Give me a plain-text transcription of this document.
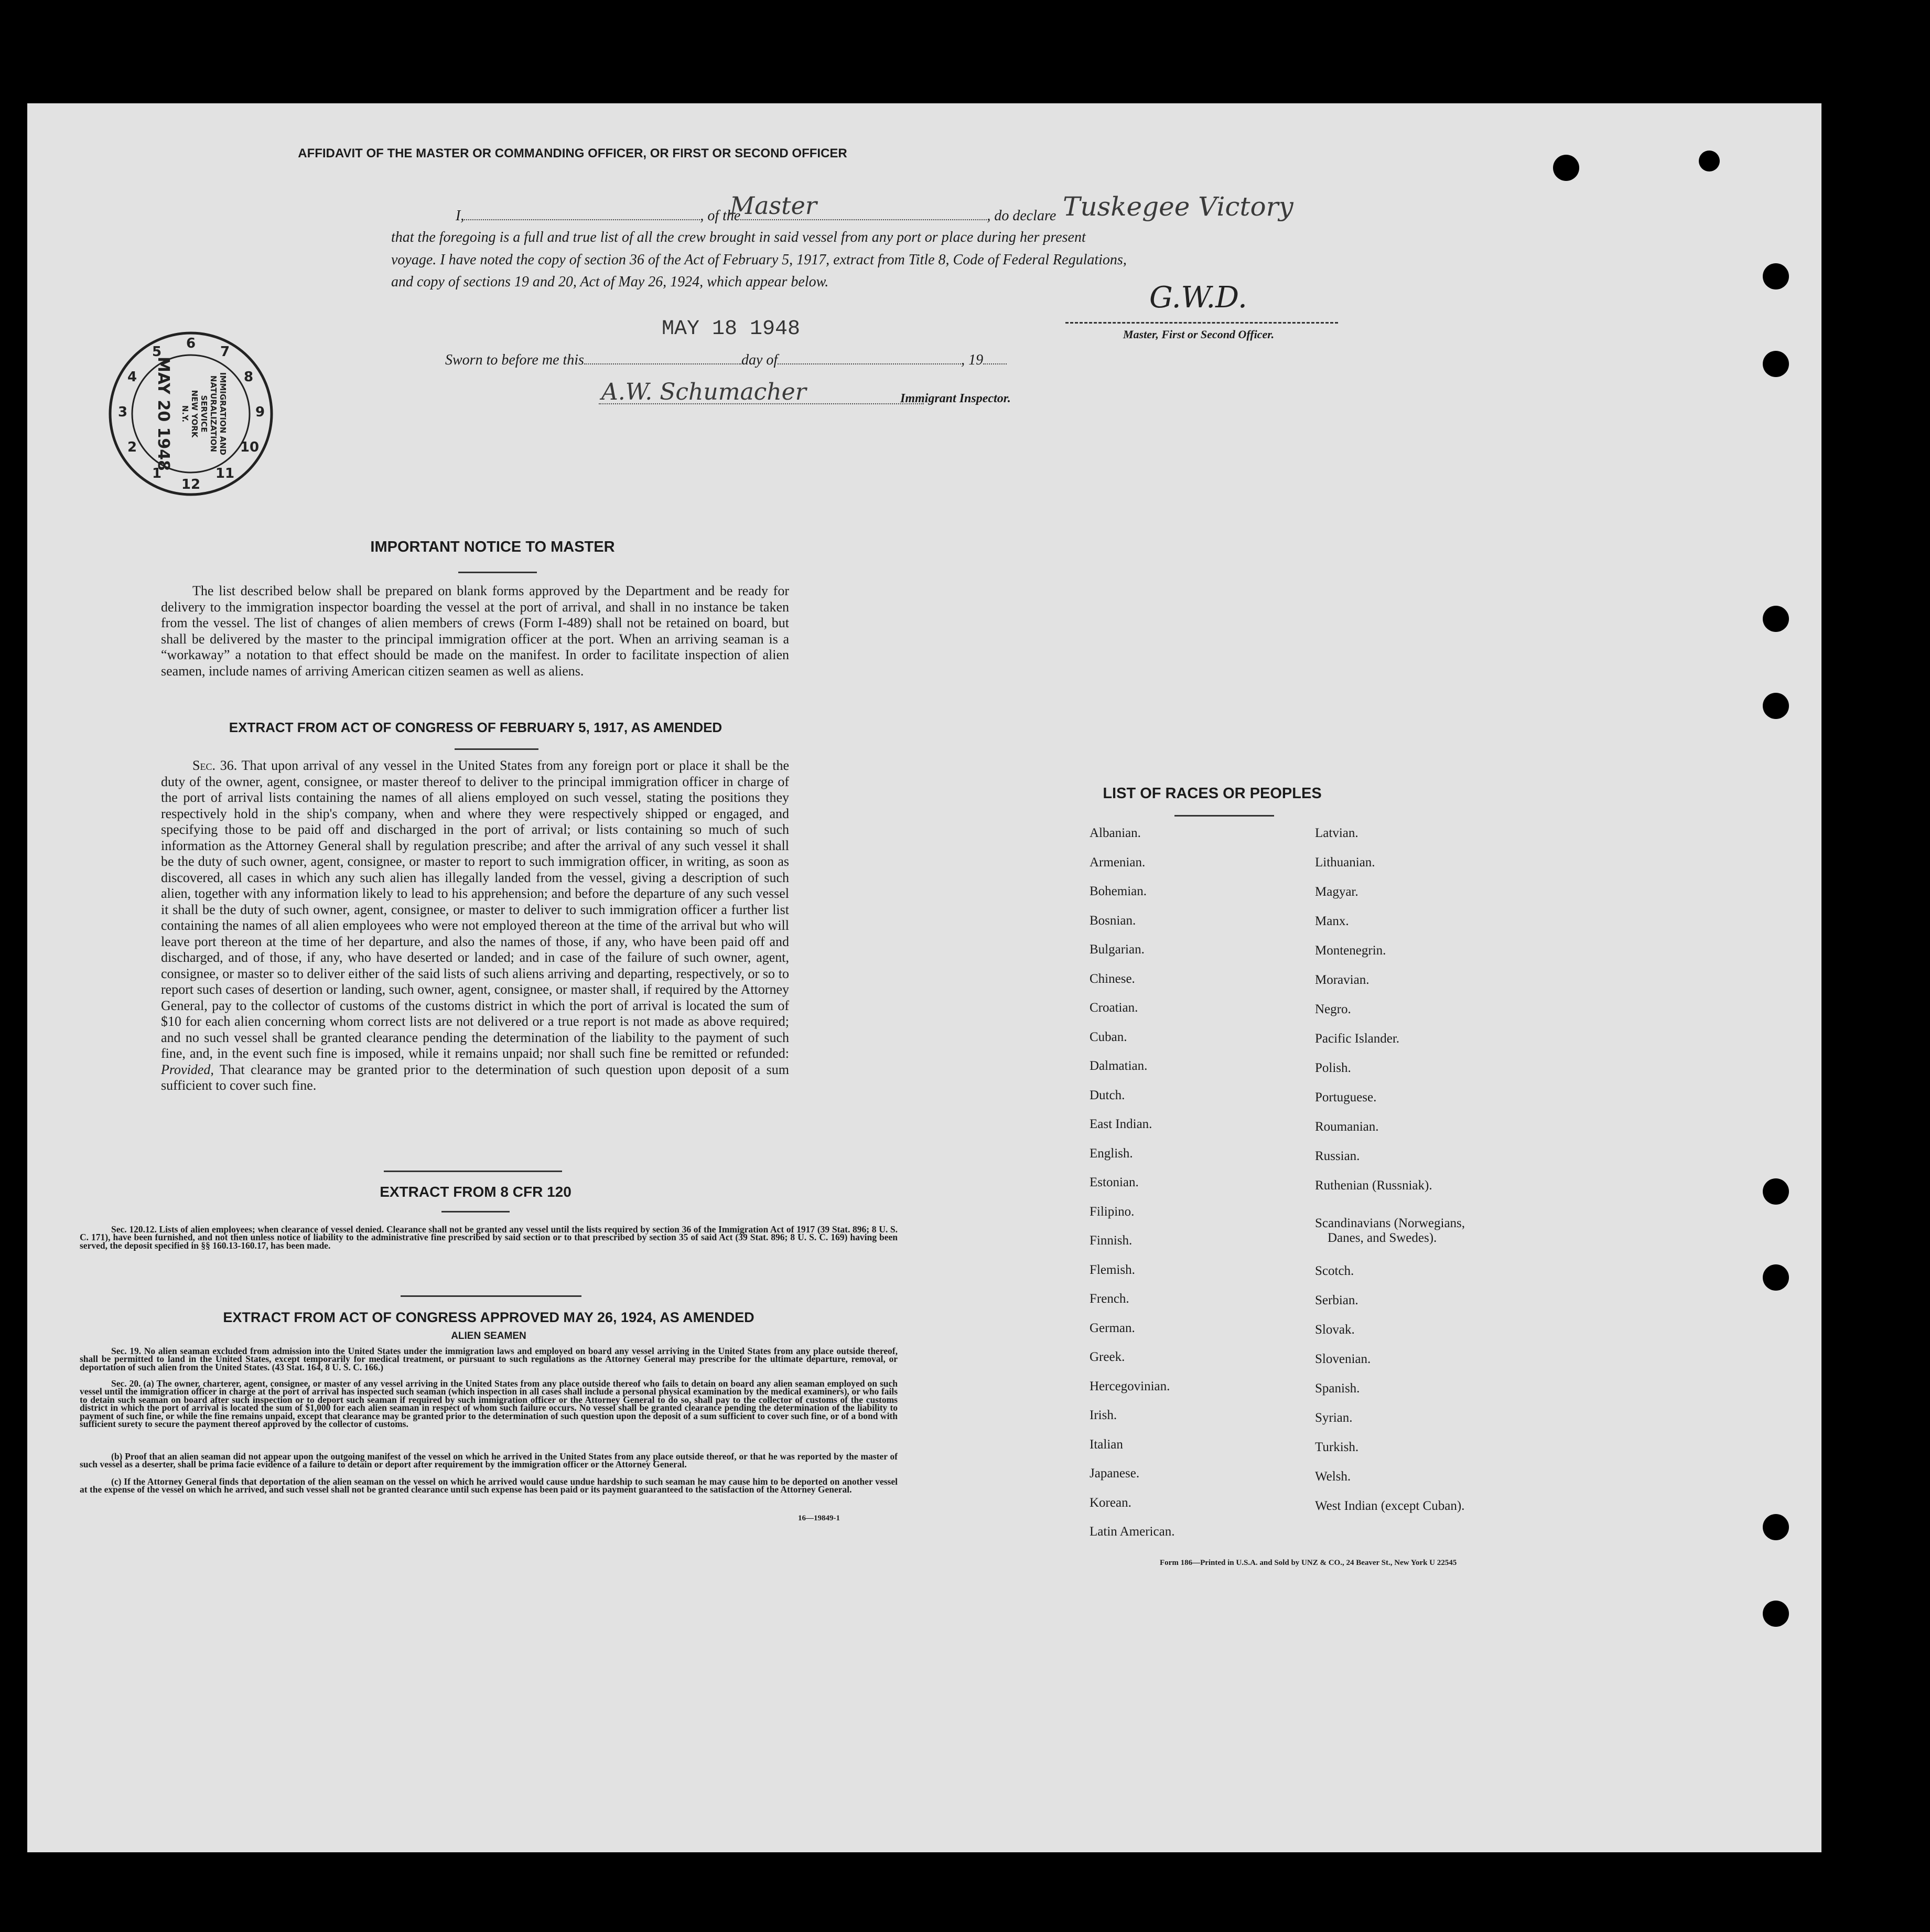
AFFIDAVIT OF THE MASTER OR COMMANDING OFFICER, OR FIRST OR SECOND OFFICER
I,	, of the	, do declare
Master	Tuskegee Victory
that the foregoing is a full and true list of all the crew brought in said vessel from any port or place during her present
voyage. I have noted the copy of section 36 of the Act of February 5, 1917, extract from Title 8, Code of Federal Regulations,
and copy of sections 19 and 20, Act of May 26, 1924, which appear below.	G.W.D.
Master, First or Second Officer.
MAY 18 1948
Sworn to before me this	day of	, 19
A.W. Schumacher	Immigrant Inspector.
6
7
8
9
10
11
12
1
2
3
4
5
IMMIGRATION AND
NATURALIZATION
SERVICE
NEW YORK
N.Y.
MAY 20 1948
IMPORTANT NOTICE TO MASTER
The list described below shall be prepared on blank forms approved by the Department and be ready for delivery to the immigration inspector boarding the vessel at the port of arrival, and shall in no instance be taken from the vessel. The list of changes of alien members of crews (Form I-489) shall not be retained on board, but shall be delivered by the master to the principal immigration officer at the port. When an arriving seaman is a “workaway” a notation to that effect should be made on the manifest. In order to facilitate inspection of alien seamen, include names of arriving American citizen seamen as well as aliens.
EXTRACT FROM ACT OF CONGRESS OF FEBRUARY 5, 1917, AS AMENDED
Sec. 36. That upon arrival of any vessel in the United States from any foreign port or place it shall be the duty of the owner, agent, consignee, or master thereof to deliver to the principal immigration officer in charge of the port of arrival lists containing the names of all aliens employed on such vessel, stating the positions they respectively hold in the ship's company, when and where they were respectively shipped or engaged, and specifying those to be paid off and discharged in the port of arrival; or lists containing so much of such information as the Attorney General shall by regulation prescribe; and after the arrival of any such vessel it shall be the duty of such owner, agent, consignee, or master to report to such immigration officer, in writing, as soon as discovered, all cases in which any such alien has illegally landed from the vessel, giving a description of such alien, together with any information likely to lead to his apprehension; and before the departure of any such vessel it shall be the duty of such owner, agent, consignee, or master to deliver to such immigration officer a further list containing the names of all alien employees who were not employed thereon at the time of the arrival but who will leave port thereon at the time of her departure, and also the names of those, if any, who have been paid off and discharged, and of those, if any, who have deserted or landed; and in case of the failure of such owner, agent, consignee, or master so to deliver either of the said lists of such aliens arriving and departing, respectively, or so to report such cases of desertion or landing, such owner, agent, consignee, or master shall, if required by the Attorney General, pay to the collector of customs of the customs district in which the port of arrival is located the sum of $10 for each alien concerning whom correct lists are not delivered or a true report is not made as above required; and no such vessel shall be granted clearance pending the determination of the liability to the payment of such fine, and, in the event such fine is imposed, while it remains unpaid; nor shall such fine be remitted or refunded: Provided, That clearance may be granted prior to the determination of such question upon deposit of a sum sufficient to cover such fine.
EXTRACT FROM 8 CFR 120
Sec. 120.12. Lists of alien employees; when clearance of vessel denied. Clearance shall not be granted any vessel until the lists required by section 36 of the Immigration Act of 1917 (39 Stat. 896; 8 U. S. C. 171), have been furnished, and not then unless notice of liability to the administrative fine prescribed by said section or to that prescribed by section 35 of said Act (39 Stat. 896; 8 U. S. C. 169) having been served, the deposit specified in §§ 160.13-160.17, has been made.
EXTRACT FROM ACT OF CONGRESS APPROVED MAY 26, 1924, AS AMENDED
ALIEN SEAMEN
Sec. 19. No alien seaman excluded from admission into the United States under the immigration laws and employed on board any vessel arriving in the United States from any place outside thereof, shall be permitted to land in the United States, except temporarily for medical treatment, or pursuant to such regulations as the Attorney General may prescribe for the ultimate departure, removal, or deportation of such alien from the United States. (43 Stat. 164, 8 U. S. C. 166.)
Sec. 20. (a) The owner, charterer, agent, consignee, or master of any vessel arriving in the United States from any place outside thereof who fails to detain on board any alien seaman employed on such vessel until the immigration officer in charge at the port of arrival has inspected such seaman (which inspection in all cases shall include a personal physical examination by the medical examiners), or who fails to detain such seaman on board after such inspection or to deport such seaman if required by such immigration officer or the Attorney General to do so, shall pay to the collector of customs of the customs district in which the port of arrival is located the sum of $1,000 for each alien seaman in respect of whom such failure occurs. No vessel shall be granted clearance pending the determination of the liability to payment of such fine, or while the fine remains unpaid, except that clearance may be granted prior to the determination of such question upon the deposit of a sum sufficient to cover such fine, or of a bond with sufficient surety to secure the payment thereof approved by the collector of customs.
(b) Proof that an alien seaman did not appear upon the outgoing manifest of the vessel on which he arrived in the United States from any place outside thereof, or that he was reported by the master of such vessel as a deserter, shall be prima facie evidence of a failure to detain or deport after requirement by the immigration officer or the Attorney General.
(c) If the Attorney General finds that deportation of the alien seaman on the vessel on which he arrived would cause undue hardship to such seaman he may cause him to be deported on another vessel at the expense of the vessel on which he arrived, and such vessel shall not be granted clearance until such expense has been paid or its payment guaranteed to the satisfaction of the Attorney General.
16—19849-1
LIST OF RACES OR PEOPLES
Albanian.
Armenian.
Bohemian.
Bosnian.
Bulgarian.
Chinese.
Croatian.
Cuban.
Dalmatian.
Dutch.
East Indian.
English.
Estonian.
Filipino.
Finnish.
Flemish.
French.
German.
Greek.
Hercegovinian.
Irish.
Italian
Japanese.
Korean.
Latin American.
Latvian.
Lithuanian.
Magyar.
Manx.
Montenegrin.
Moravian.
Negro.
Pacific Islander.
Polish.
Portuguese.
Roumanian.
Russian.
Ruthenian (Russniak).
Scandinavians (Norwegians,
Danes, and Swedes).
Scotch.
Serbian.
Slovak.
Slovenian.
Spanish.
Syrian.
Turkish.
Welsh.
West Indian (except Cuban).
Form 186—Printed in U.S.A. and Sold by UNZ & CO., 24 Beaver St., New York U 22545
